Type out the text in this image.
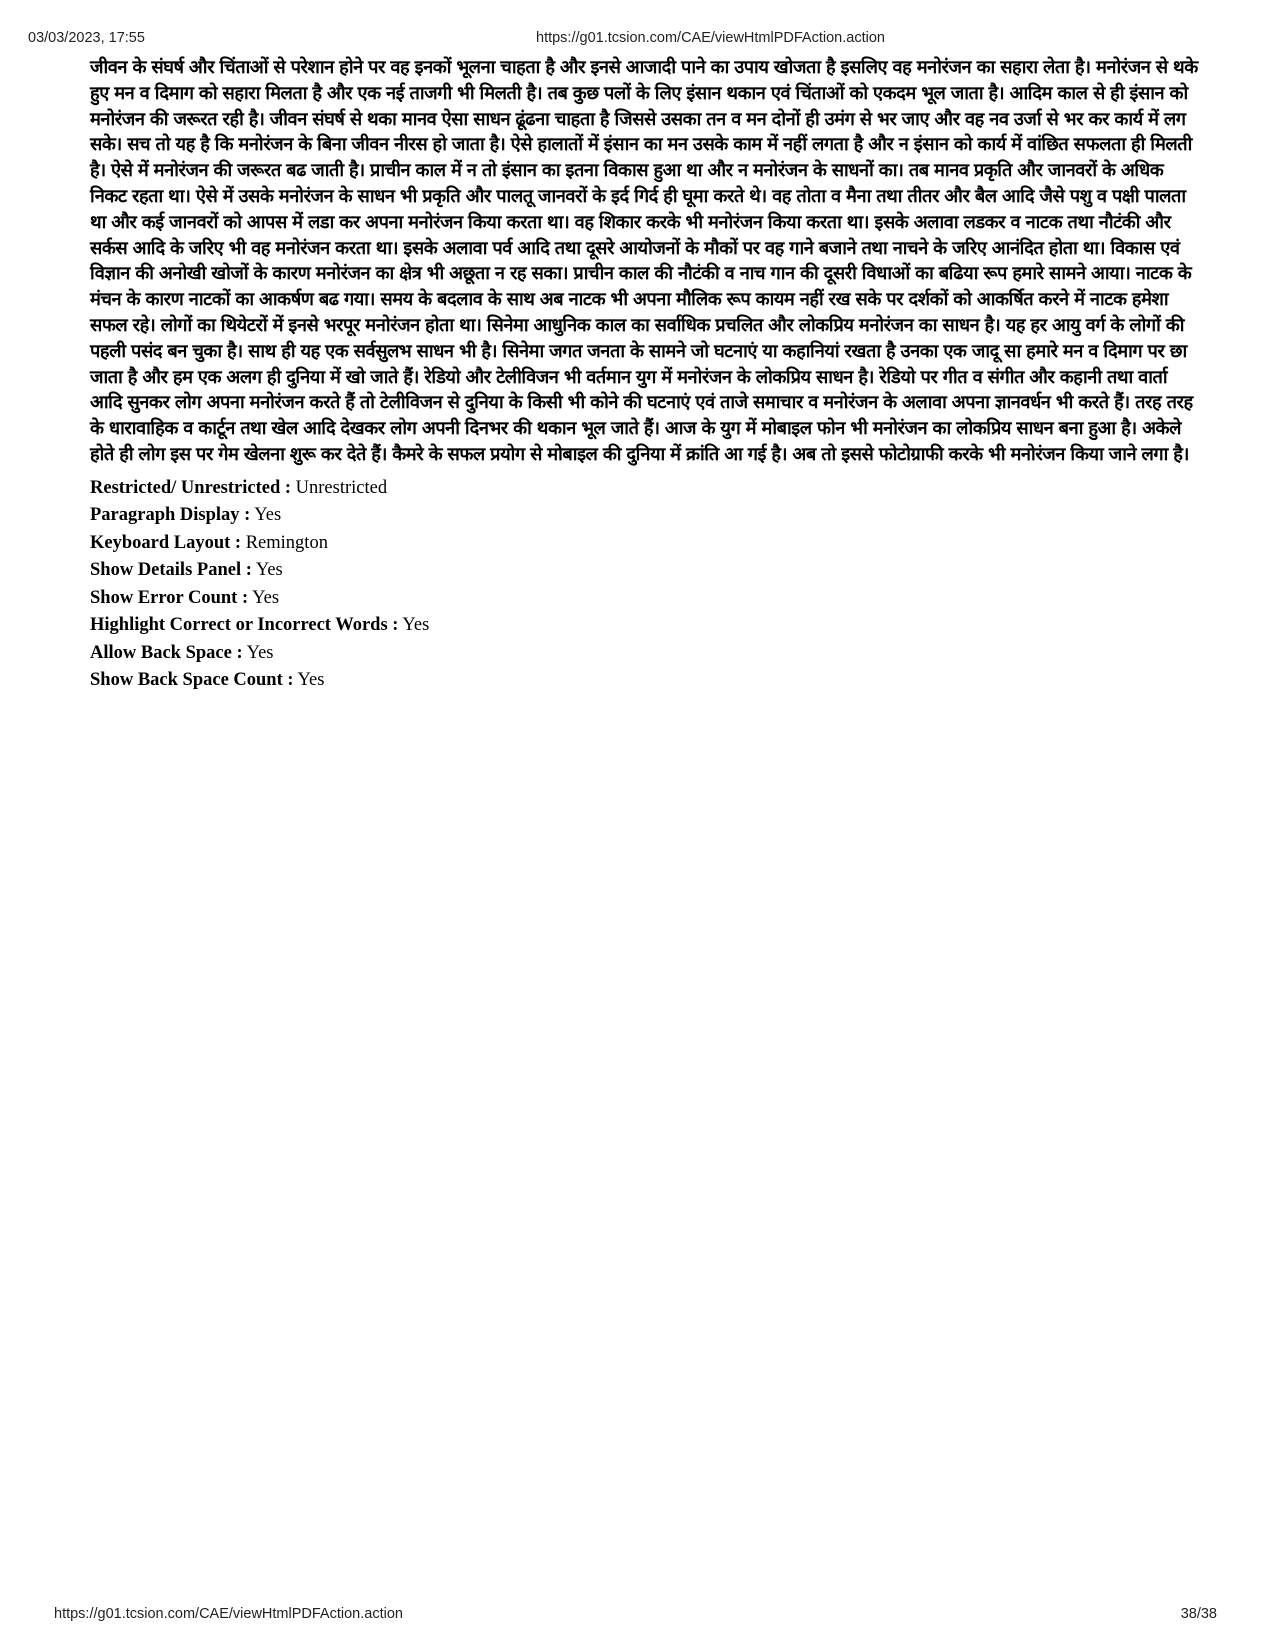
03/03/2023, 17:55	https://g01.tcsion.com/CAE/viewHtmlPDFAction.action

जीवन के संघर्ष और चिंताओं से परेशान होने पर वह इनकों भूलना चाहता है और इनसे आजादी पाने का उपाय खोजता है इसलिए वह मनोरंजन का सहारा लेता है। मनोरंजन से थके हुए मन व दिमाग को सहारा मिलता है और एक नई ताजगी भी मिलती है। तब कुछ पलों के लिए इंसान थकान एवं चिंताओं को एकदम भूल जाता है। आदिम काल से ही इंसान को मनोरंजन की जरूरत रही है। जीवन संघर्ष से थका मानव ऐसा साधन ढूंढना चाहता है जिससे उसका तन व मन दोनों ही उमंग से भर जाए और वह नव उर्जा से भर कर कार्य में लग सके। सच तो यह है कि मनोरंजन के बिना जीवन नीरस हो जाता है। ऐसे हालातों में इंसान का मन उसके काम में नहीं लगता है और न इंसान को कार्य में वांछित सफलता ही मिलती है। ऐसे में मनोरंजन की जरूरत बढ जाती है। प्राचीन काल में न तो इंसान का इतना विकास हुआ था और न मनोरंजन के साधनों का। तब मानव प्रकृति और जानवरों के अधिक निकट रहता था। ऐसे में उसके मनोरंजन के साधन भी प्रकृति और पालतू जानवरों के इर्द गिर्द ही घूमा करते थे। वह तोता व मैना तथा तीतर और बैल आदि जैसे पशु व पक्षी पालता था और कई जानवरों को आपस में लडा कर अपना मनोरंजन किया करता था। वह शिकार करके भी मनोरंजन किया करता था। इसके अलावा लडकर व नाटक तथा नौटंकी और सर्कस आदि के जरिए भी वह मनोरंजन करता था। इसके अलावा पर्व आदि तथा दूसरे आयोजनों के मौकों पर वह गाने बजाने तथा नाचने के जरिए आनंदित होता था। विकास एवं विज्ञान की अनोखी खोजों के कारण मनोरंजन का क्षेत्र भी अछूता न रह सका। प्राचीन काल की नौटंकी व नाच गान की दूसरी विधाओं का बढिया रूप हमारे सामने आया। नाटक के मंचन के कारण नाटकों का आकर्षण बढ गया। समय के बदलाव के साथ अब नाटक भी अपना मौलिक रूप कायम नहीं रख सके पर दर्शकों को आकर्षित करने में नाटक हमेशा सफल रहे। लोगों का थियेटरों में इनसे भरपूर मनोरंजन होता था। सिनेमा आधुनिक काल का सर्वाधिक प्रचलित और लोकप्रिय मनोरंजन का साधन है। यह हर आयु वर्ग के लोगों की पहली पसंद बन चुका है। साथ ही यह एक सर्वसुलभ साधन भी है। सिनेमा जगत जनता के सामने जो घटनाएं या कहानियां रखता है उनका एक जादू सा हमारे मन व दिमाग पर छा जाता है और हम एक अलग ही दुनिया में खो जाते हैं। रेडियो और टेलीविजन भी वर्तमान युग में मनोरंजन के लोकप्रिय साधन है। रेडियो पर गीत व संगीत और कहानी तथा वार्ता आदि सुनकर लोग अपना मनोरंजन करते हैं तो टेलीविजन से दुनिया के किसी भी कोने की घटनाएं एवं ताजे समाचार व मनोरंजन के अलावा अपना ज्ञानवर्धन भी करते हैं। तरह तरह के धारावाहिक व कार्टून तथा खेल आदि देखकर लोग अपनी दिनभर की थकान भूल जाते हैं। आज के युग में मोबाइल फोन भी मनोरंजन का लोकप्रिय साधन बना हुआ है। अकेले होते ही लोग इस पर गेम खेलना शुरू कर देते हैं। कैमरे के सफल प्रयोग से मोबाइल की दुनिया में क्रांति आ गई है। अब तो इससे फोटोग्राफी करके भी मनोरंजन किया जाने लगा है।

Restricted/ Unrestricted : Unrestricted
Paragraph Display : Yes
Keyboard Layout : Remington
Show Details Panel : Yes
Show Error Count : Yes
Highlight Correct or Incorrect Words : Yes
Allow Back Space : Yes
Show Back Space Count : Yes
https://g01.tcsion.com/CAE/viewHtmlPDFAction.action	38/38
